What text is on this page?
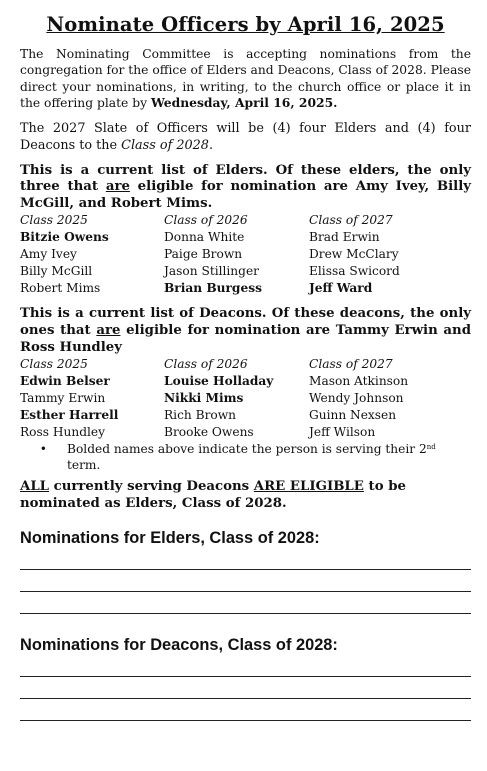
Nominate Officers by April 16, 2025

The Nominating Committee is accepting nominations from the congregation for the office of Elders and Deacons, Class of 2028. Please direct your nominations, in writing, to the church office or place it in the offering plate by Wednesday, April 16, 2025.

The 2027 Slate of Officers will be (4) four Elders and (4) four Deacons to the Class of 2028.

This is a current list of Elders. Of these elders, the only three that are eligible for nomination are Amy Ivey, Billy McGill, and Robert Mims.

Class 2025	Class of 2026	Class of 2027
Bitzie Owens	Donna White	Brad Erwin
Amy Ivey	Paige Brown	Drew McClary
Billy McGill	Jason Stillinger	Elissa Swicord
Robert Mims	Brian Burgess	Jeff Ward

This is a current list of Deacons. Of these deacons, the only ones that are eligible for nomination are Tammy Erwin and Ross Hundley

Class 2025	Class of 2026	Class of 2027
Edwin Belser	Louise Holladay	Mason Atkinson
Tammy Erwin	Nikki Mims	Wendy Johnson
Esther Harrell	Rich Brown	Guinn Nexsen
Ross Hundley	Brooke Owens	Jeff Wilson
•	Bolded names above indicate the person is serving their 2nd term.

ALL currently serving Deacons ARE ELIGIBLE to be nominated as Elders, Class of 2028.

Nominations for Elders, Class of 2028:
Nominations for Deacons, Class of 2028:
